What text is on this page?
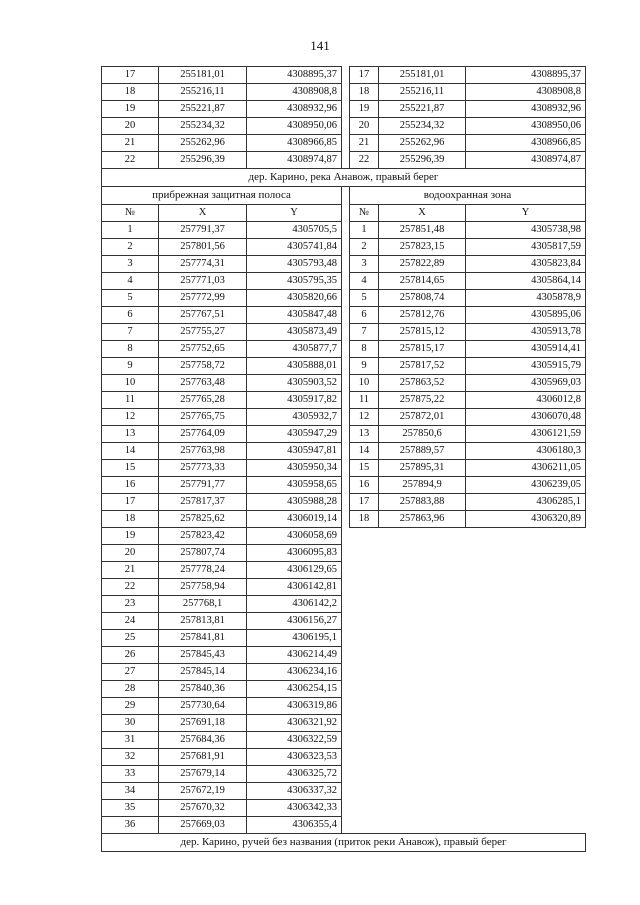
141
17	255181,01	4308895,37		17	255181,01	4308895,37
18	255216,11	4308908,8		18	255216,11	4308908,8
19	255221,87	4308932,96		19	255221,87	4308932,96
20	255234,32	4308950,06		20	255234,32	4308950,06
21	255262,96	4308966,85		21	255262,96	4308966,85
22	255296,39	4308974,87		22	255296,39	4308974,87
дер. Карино, река Анавож, правый берег						
прибрежная защитная полоса				водоохранная зона		
№	X	Y		№	X	Y
1	257791,37	4305705,5		1	257851,48	4305738,98
2	257801,56	4305741,84		2	257823,15	4305817,59
3	257774,31	4305793,48		3	257822,89	4305823,84
4	257771,03	4305795,35		4	257814,65	4305864,14
5	257772,99	4305820,66		5	257808,74	4305878,9
6	257767,51	4305847,48		6	257812,76	4305895,06
7	257755,27	4305873,49		7	257815,12	4305913,78
8	257752,65	4305877,7		8	257815,17	4305914,41
9	257758,72	4305888,01		9	257817,52	4305915,79
10	257763,48	4305903,52		10	257863,52	4305969,03
11	257765,28	4305917,82		11	257875,22	4306012,8
12	257765,75	4305932,7		12	257872,01	4306070,48
13	257764,09	4305947,29		13	257850,6	4306121,59
14	257763,98	4305947,81		14	257889,57	4306180,3
15	257773,33	4305950,34		15	257895,31	4306211,05
16	257791,77	4305958,65		16	257894,9	4306239,05
17	257817,37	4305988,28		17	257883,88	4306285,1
18	257825,62	4306019,14		18	257863,96	4306320,89
19	257823,42	4306058,69				
20	257807,74	4306095,83				
21	257778,24	4306129,65				
22	257758,94	4306142,81				
23	257768,1	4306142,2				
24	257813,81	4306156,27				
25	257841,81	4306195,1				
26	257845,43	4306214,49				
27	257845,14	4306234,16				
28	257840,36	4306254,15				
29	257730,64	4306319,86				
30	257691,18	4306321,92				
31	257684,36	4306322,59				
32	257681,91	4306323,53				
33	257679,14	4306325,72				
34	257672,19	4306337,32				
35	257670,32	4306342,33				
36	257669,03	4306355,4				
дер. Карино, ручей без названия (приток реки Анавож), правый берег						
